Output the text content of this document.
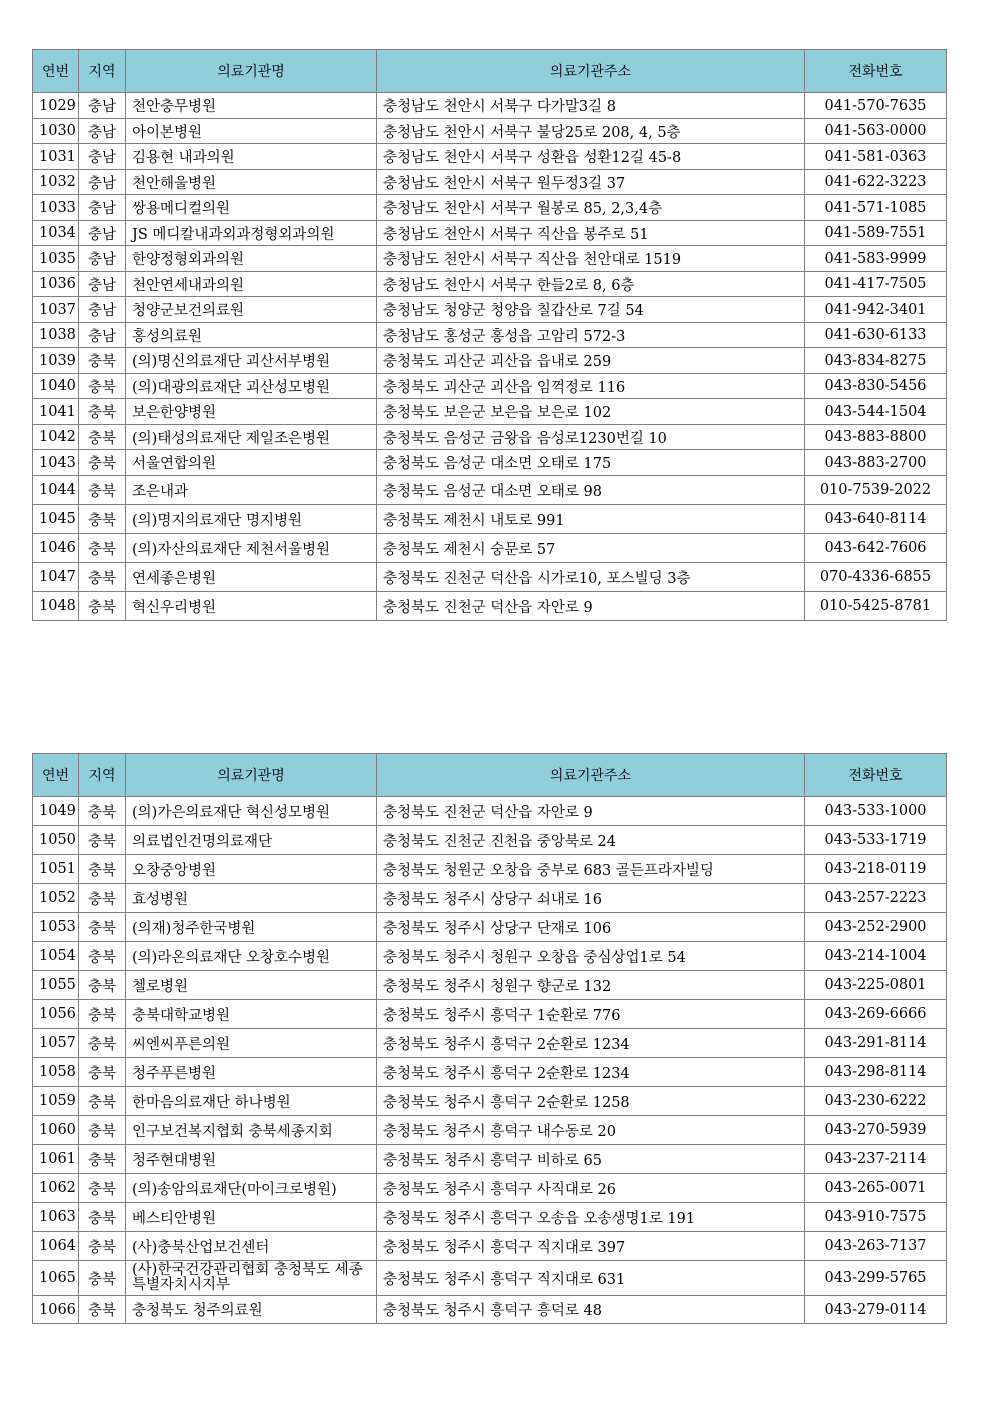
연번	지역	의료기관명	의료기관주소	전화번호
1029	충남	천안충무병원	충청남도 천안시 서북구 다가말3길 8	041-570-7635
1030	충남	아이본병원	충청남도 천안시 서북구 불당25로 208, 4, 5층	041-563-0000
1031	충남	김용현 내과의원	충청남도 천안시 서북구 성환읍 성환12길 45-8	041-581-0363
1032	충남	천안해울병원	충청남도 천안시 서북구 원두정3길 37	041-622-3223
1033	충남	쌍용메디컬의원	충청남도 천안시 서북구 월봉로 85, 2,3,4층	041-571-1085
1034	충남	JS 메디칼내과외과정형외과의원	충청남도 천안시 서북구 직산읍 봉주로 51	041-589-7551
1035	충남	한양정형외과의원	충청남도 천안시 서북구 직산읍 천안대로 1519	041-583-9999
1036	충남	천안연세내과의원	충청남도 천안시 서북구 한들2로 8, 6층	041-417-7505
1037	충남	청양군보건의료원	충청남도 청양군 청양읍 칠갑산로 7길 54	041-942-3401
1038	충남	홍성의료원	충청남도 홍성군 홍성읍 고암리 572-3	041-630-6133
1039	충북	(의)명신의료재단 괴산서부병원	충청북도 괴산군 괴산읍 읍내로 259	043-834-8275
1040	충북	(의)대광의료재단 괴산성모병원	충청북도 괴산군 괴산읍 임꺽정로 116	043-830-5456
1041	충북	보은한양병원	충청북도 보은군 보은읍 보은로 102	043-544-1504
1042	충북	(의)태성의료재단 제일조은병원	충청북도 음성군 금왕읍 음성로1230번길 10	043-883-8800
1043	충북	서울연합의원	충청북도 음성군 대소면 오태로 175	043-883-2700
1044	충북	조은내과	충청북도 음성군 대소면 오태로 98	010-7539-2022
1045	충북	(의)명지의료재단 명지병원	충청북도 제천시 내토로 991	043-640-8114
1046	충북	(의)자산의료재단 제천서울병원	충청북도 제천시 숭문로 57	043-642-7606
1047	충북	연세좋은병원	충청북도 진천군 덕산읍 시가로10, 포스빌딩 3층	070-4336-6855
1048	충북	혁신우리병원	충청북도 진천군 덕산읍 자안로 9	010-5425-8781
연번	지역	의료기관명	의료기관주소	전화번호
1049	충북	(의)가은의료재단 혁신성모병원	충청북도 진천군 덕산읍 자안로 9	043-533-1000
1050	충북	의료법인건명의료재단	충청북도 진천군 진천읍 중앙북로 24	043-533-1719
1051	충북	오창중앙병원	충청북도 청원군 오창읍 중부로 683 골든프라자빌딩	043-218-0119
1052	충북	효성병원	충청북도 청주시 상당구 쇠내로 16	043-257-2223
1053	충북	(의재)청주한국병원	충청북도 청주시 상당구 단재로 106	043-252-2900
1054	충북	(의)라온의료재단 오창호수병원	충청북도 청주시 청원구 오창읍 중심상업1로 54	043-214-1004
1055	충북	첼로병원	충청북도 청주시 청원구 향군로 132	043-225-0801
1056	충북	충북대학교병원	충청북도 청주시 흥덕구 1순환로 776	043-269-6666
1057	충북	씨엔씨푸른의원	충청북도 청주시 흥덕구 2순환로 1234	043-291-8114
1058	충북	청주푸른병원	충청북도 청주시 흥덕구 2순환로 1234	043-298-8114
1059	충북	한마음의료재단 하나병원	충청북도 청주시 흥덕구 2순환로 1258	043-230-6222
1060	충북	인구보건복지협회 충북세종지회	충청북도 청주시 흥덕구 내수동로 20	043-270-5939
1061	충북	청주현대병원	충청북도 청주시 흥덕구 비하로 65	043-237-2114
1062	충북	(의)송암의료재단(마이크로병원)	충청북도 청주시 흥덕구 사직대로 26	043-265-0071
1063	충북	베스티안병원	충청북도 청주시 흥덕구 오송읍 오송생명1로 191	043-910-7575
1064	충북	(사)충북산업보건센터	충청북도 청주시 흥덕구 직지대로 397	043-263-7137
1065	충북	(사)한국건강관리협회 충청북도 세종특별자치시지부	충청북도 청주시 흥덕구 직지대로 631	043-299-5765
1066	충북	충청북도 청주의료원	충청북도 청주시 흥덕구 흥덕로 48	043-279-0114
